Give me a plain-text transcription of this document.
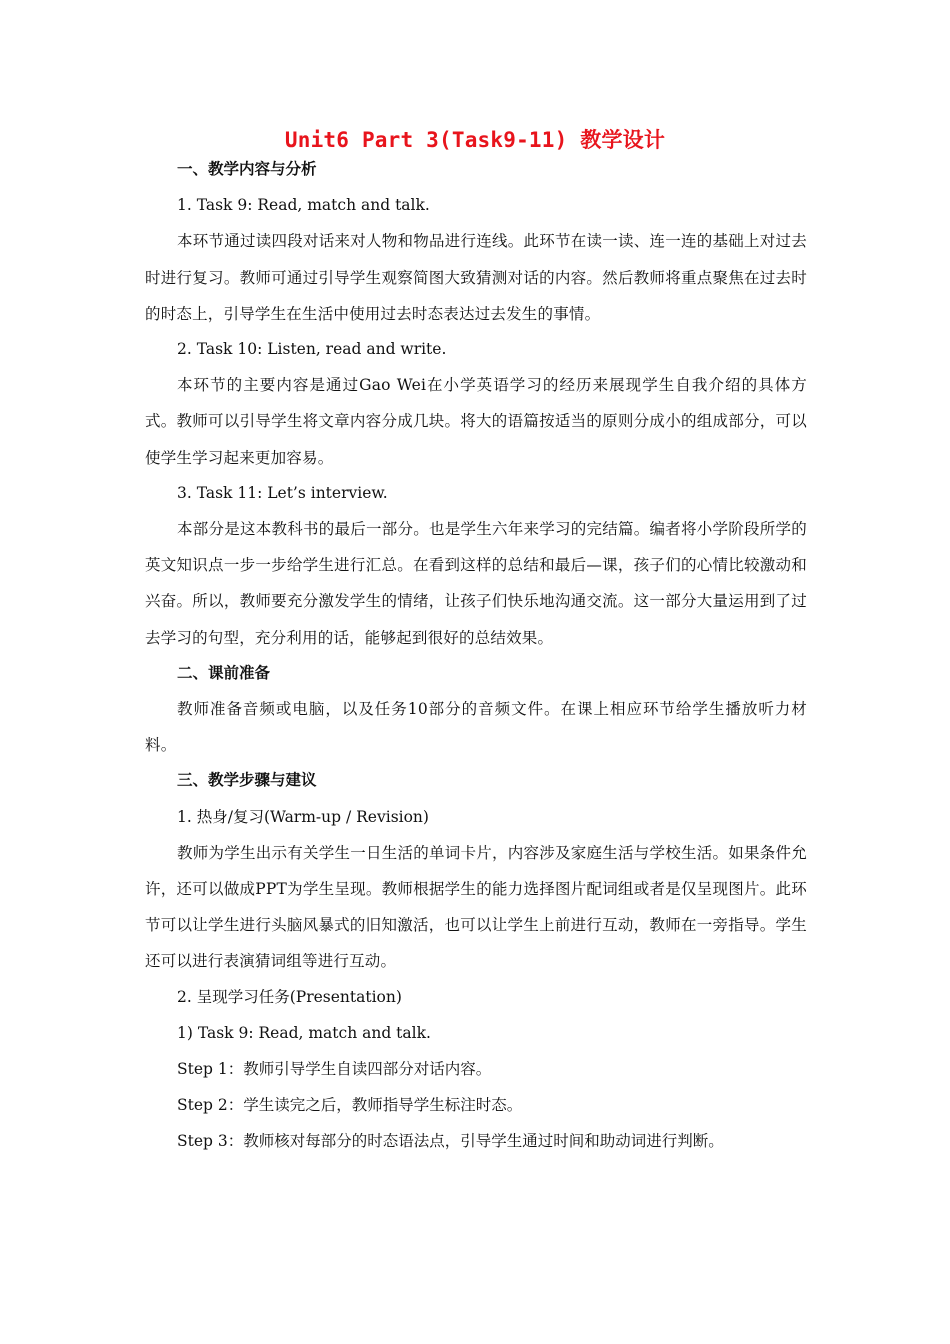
Unit6 Part 3(Task9-11) 教学设计
一、教学内容与分析
1. Task 9: Read, match and talk.
本环节通过读四段对话来对人物和物品进行连线。此环节在读一读、连一连的基础上对过去时进行复习。教师可通过引导学生观察简图大致猜测对话的内容。然后教师将重点聚焦在过去时的时态上，引导学生在生活中使用过去时态表达过去发生的事情。
2. Task 10: Listen, read and write.
本环节的主要内容是通过Gao Wei在小学英语学习的经历来展现学生自我介绍的具体方式。教师可以引导学生将文章内容分成几块。将大的语篇按适当的原则分成小的组成部分，可以使学生学习起来更加容易。
3. Task 11: Let’s interview.
本部分是这本教科书的最后一部分。也是学生六年来学习的完结篇。编者将小学阶段所学的英文知识点一步一步给学生进行汇总。在看到这样的总结和最后—课，孩子们的心情比较激动和兴奋。所以，教师要充分激发学生的情绪，让孩子们快乐地沟通交流。这一部分大量运用到了过去学习的句型，充分利用的话，能够起到很好的总结效果。
二、课前准备
教师准备音频或电脑，以及任务10部分的音频文件。在课上相应环节给学生播放听力材料。
三、教学步骤与建议
1. 热身/复习(Warm-up / Revision)
教师为学生出示有关学生一日生活的单词卡片，内容涉及家庭生活与学校生活。如果条件允许，还可以做成PPT为学生呈现。教师根据学生的能力选择图片配词组或者是仅呈现图片。此环节可以让学生进行头脑风暴式的旧知激活，也可以让学生上前进行互动，教师在一旁指导。学生还可以进行表演猜词组等进行互动。
2. 呈现学习任务(Presentation)
1) Task 9: Read, match and talk.
Step 1：教师引导学生自读四部分对话内容。
Step 2：学生读完之后，教师指导学生标注时态。
Step 3：教师核对每部分的时态语法点，引导学生通过时间和助动词进行判断。
